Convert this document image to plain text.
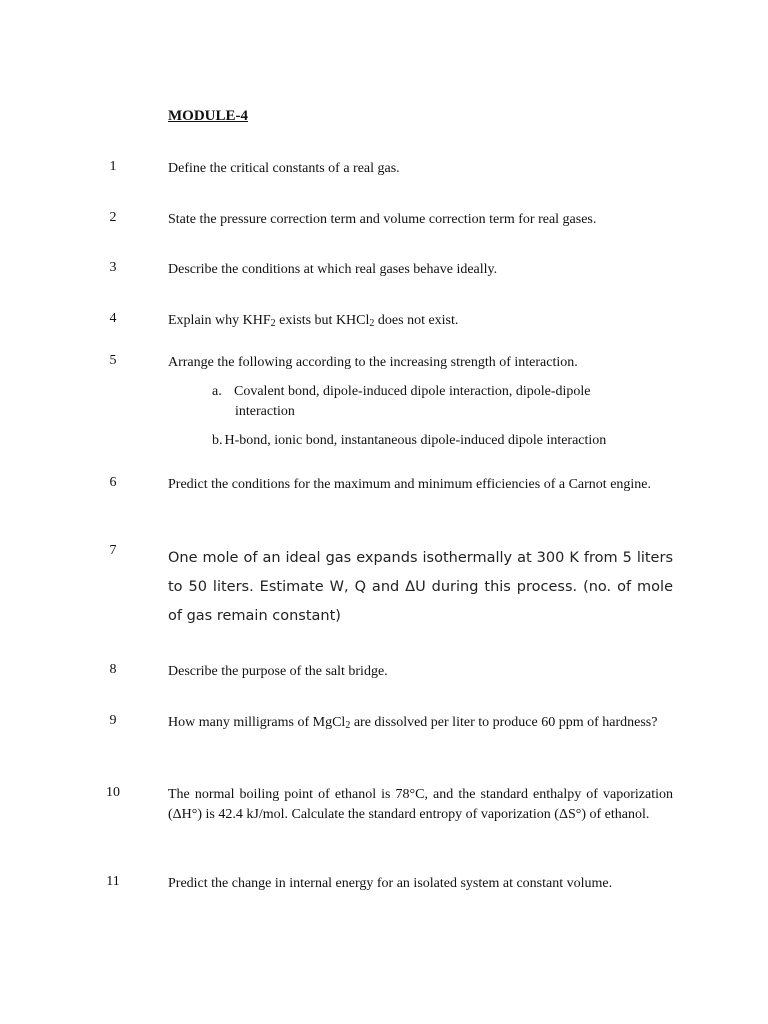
MODULE-4
1	Define the critical constants of a real gas.
2	State the pressure correction term and volume correction term for real gases.
3	Describe the conditions at which real gases behave ideally.
4	Explain why $KHF_2$ exists but KHCl$_2$ does not exist.
5	Arrange the following according to the increasing strength of interaction.
a. Covalent bond, dipole-induced dipole interaction, dipole-dipole
interaction
b. H-bond, ionic bond, instantaneous dipole-induced dipole interaction
6	Predict the conditions for the maximum and minimum efficiencies of a Carnot engine.
7	One mole of an ideal gas expands isothermally at 300 K from 5 liters to 50 liters. Estimate W, Q and ΔU during this process. (no. of mole of gas remain constant)
8	Describe the purpose of the salt bridge.
9	How many milligrams of MgCl$_2$ are dissolved per liter to produce 60 ppm of hardness?
10	The normal boiling point of ethanol is 78°C, and the standard enthalpy of vaporization (ΔH°) is 42.4 kJ/mol. Calculate the standard entropy of vaporization (ΔS°) of ethanol.
11	Predict the change in internal energy for an isolated system at constant volume.
